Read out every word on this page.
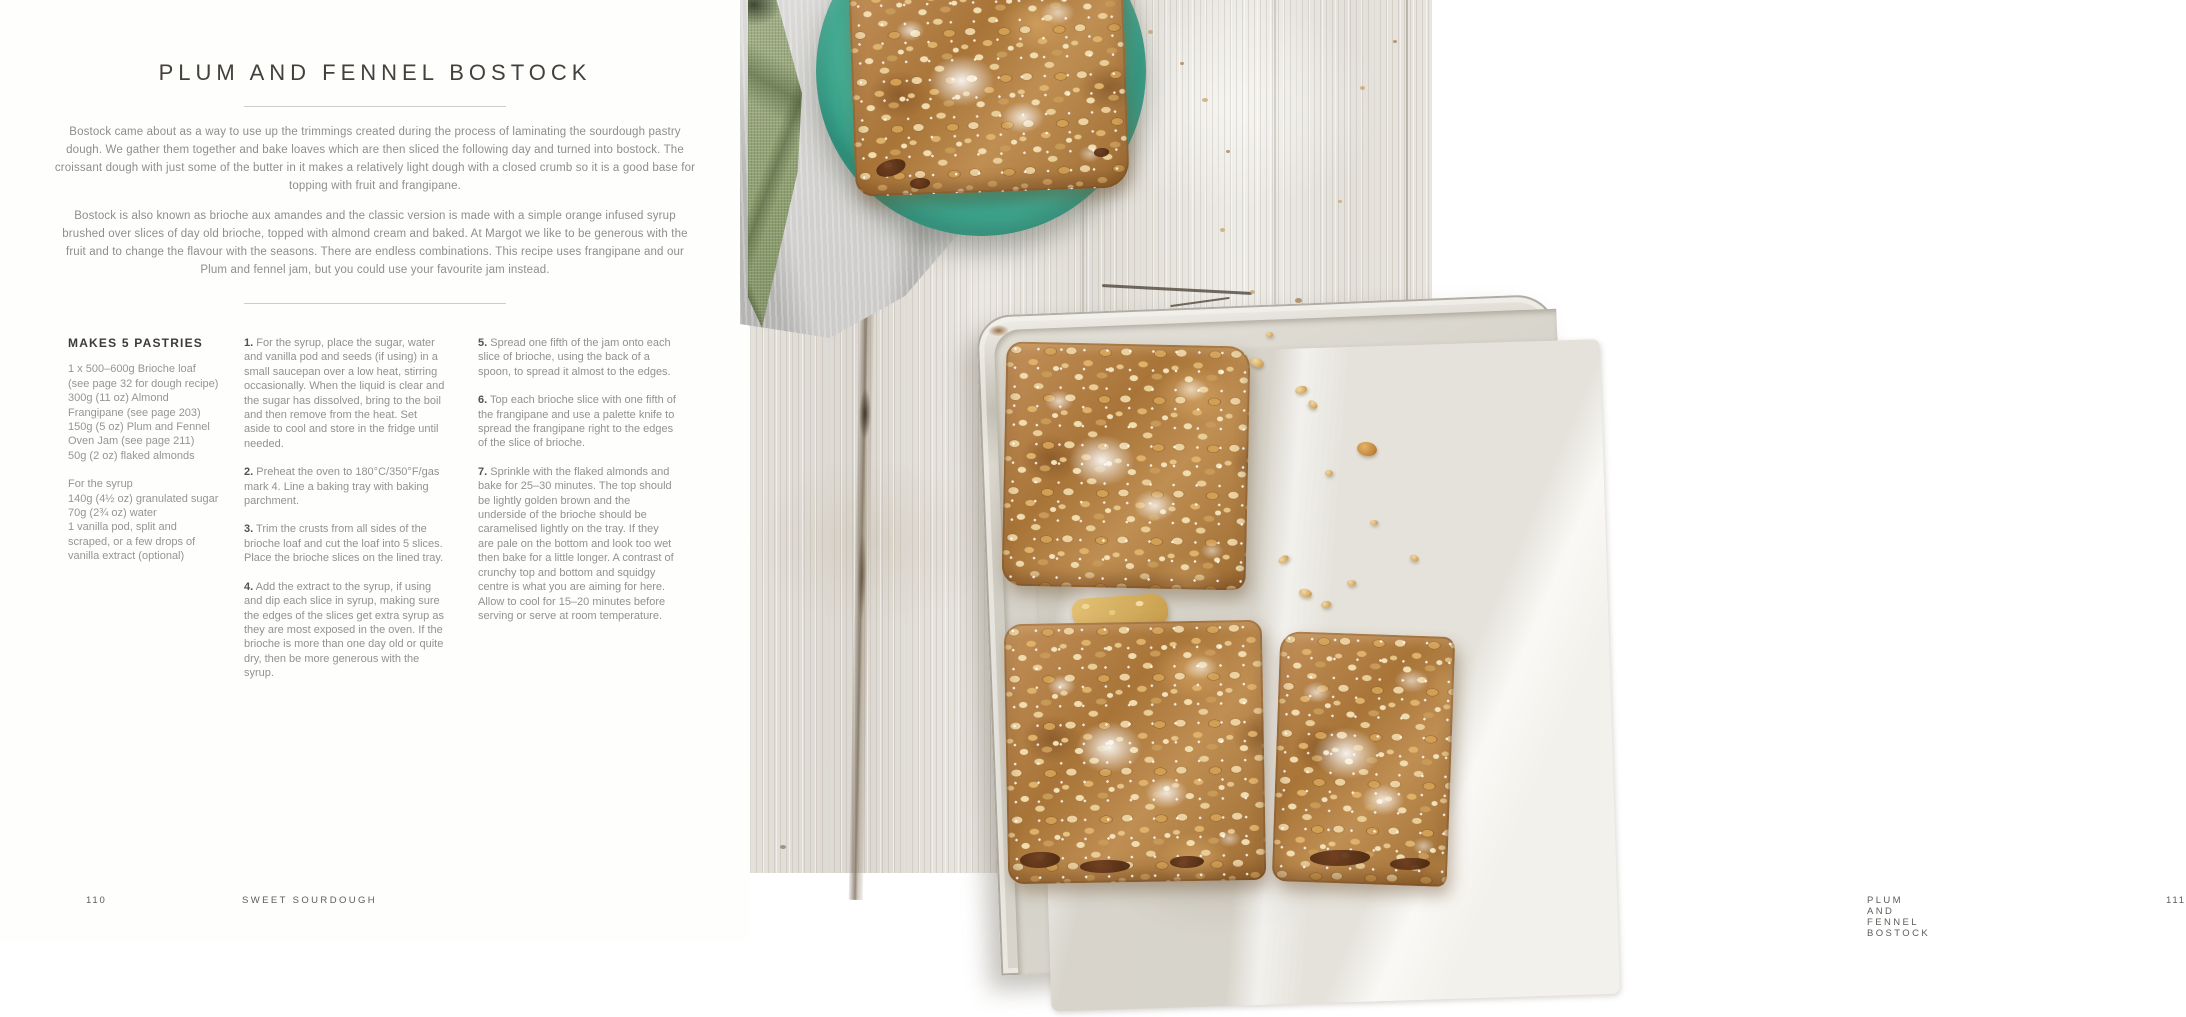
PLUM AND FENNEL BOSTOCK

Bostock came about as a way to use up the trimmings created during the process of laminating the sourdough pastry dough. We gather them together and bake loaves which are then sliced the following day and turned into bostock. The croissant dough with just some of the butter in it makes a relatively light dough with a closed crumb so it is a good base for topping with fruit and frangipane.

Bostock is also known as brioche aux amandes and the classic version is made with a simple orange infused syrup brushed over slices of day old brioche, topped with almond cream and baked. At Margot we like to be generous with the fruit and to change the flavour with the seasons. There are endless combinations. This recipe uses frangipane and our Plum and fennel jam, but you could use your favourite jam instead.

MAKES 5 PASTRIES
1 x 500–600g Brioche loaf (see page 32 for dough recipe)
300g (11 oz) Almond Frangipane (see page 203)
150g (5 oz) Plum and Fennel Oven Jam (see page 211)
50g (2 oz) flaked almonds
For the syrup
140g (4½ oz) granulated sugar
70g (2¾ oz) water
1 vanilla pod, split and scraped, or a few drops of vanilla extract (optional)

1. For the syrup, place the sugar, water and vanilla pod and seeds (if using) in a small saucepan over a low heat, stirring occasionally. When the liquid is clear and the sugar has dissolved, bring to the boil and then remove from the heat. Set aside to cool and store in the fridge until needed.

2. Preheat the oven to 180°C/350°F/gas mark 4. Line a baking tray with baking parchment.

3. Trim the crusts from all sides of the brioche loaf and cut the loaf into 5 slices. Place the brioche slices on the lined tray.

4. Add the extract to the syrup, if using and dip each slice in syrup, making sure the edges of the slices get extra syrup as they are most exposed in the oven. If the brioche is more than one day old or quite dry, then be more generous with the syrup.

5. Spread one fifth of the jam onto each slice of brioche, using the back of a spoon, to spread it almost to the edges.

6. Top each brioche slice with one fifth of the frangipane and use a palette knife to spread the frangipane right to the edges of the slice of brioche.

7. Sprinkle with the flaked almonds and bake for 25–30 minutes. The top should be lightly golden brown and the underside of the brioche should be caramelised lightly on the tray. If they are pale on the bottom and look too wet then bake for a little longer. A contrast of crunchy top and bottom and squidgy centre is what you are aiming for here. Allow to cool for 15–20 minutes before serving or serve at room temperature.

110	SWEET SOURDOUGH	PLUM AND FENNEL BOSTOCK
111
